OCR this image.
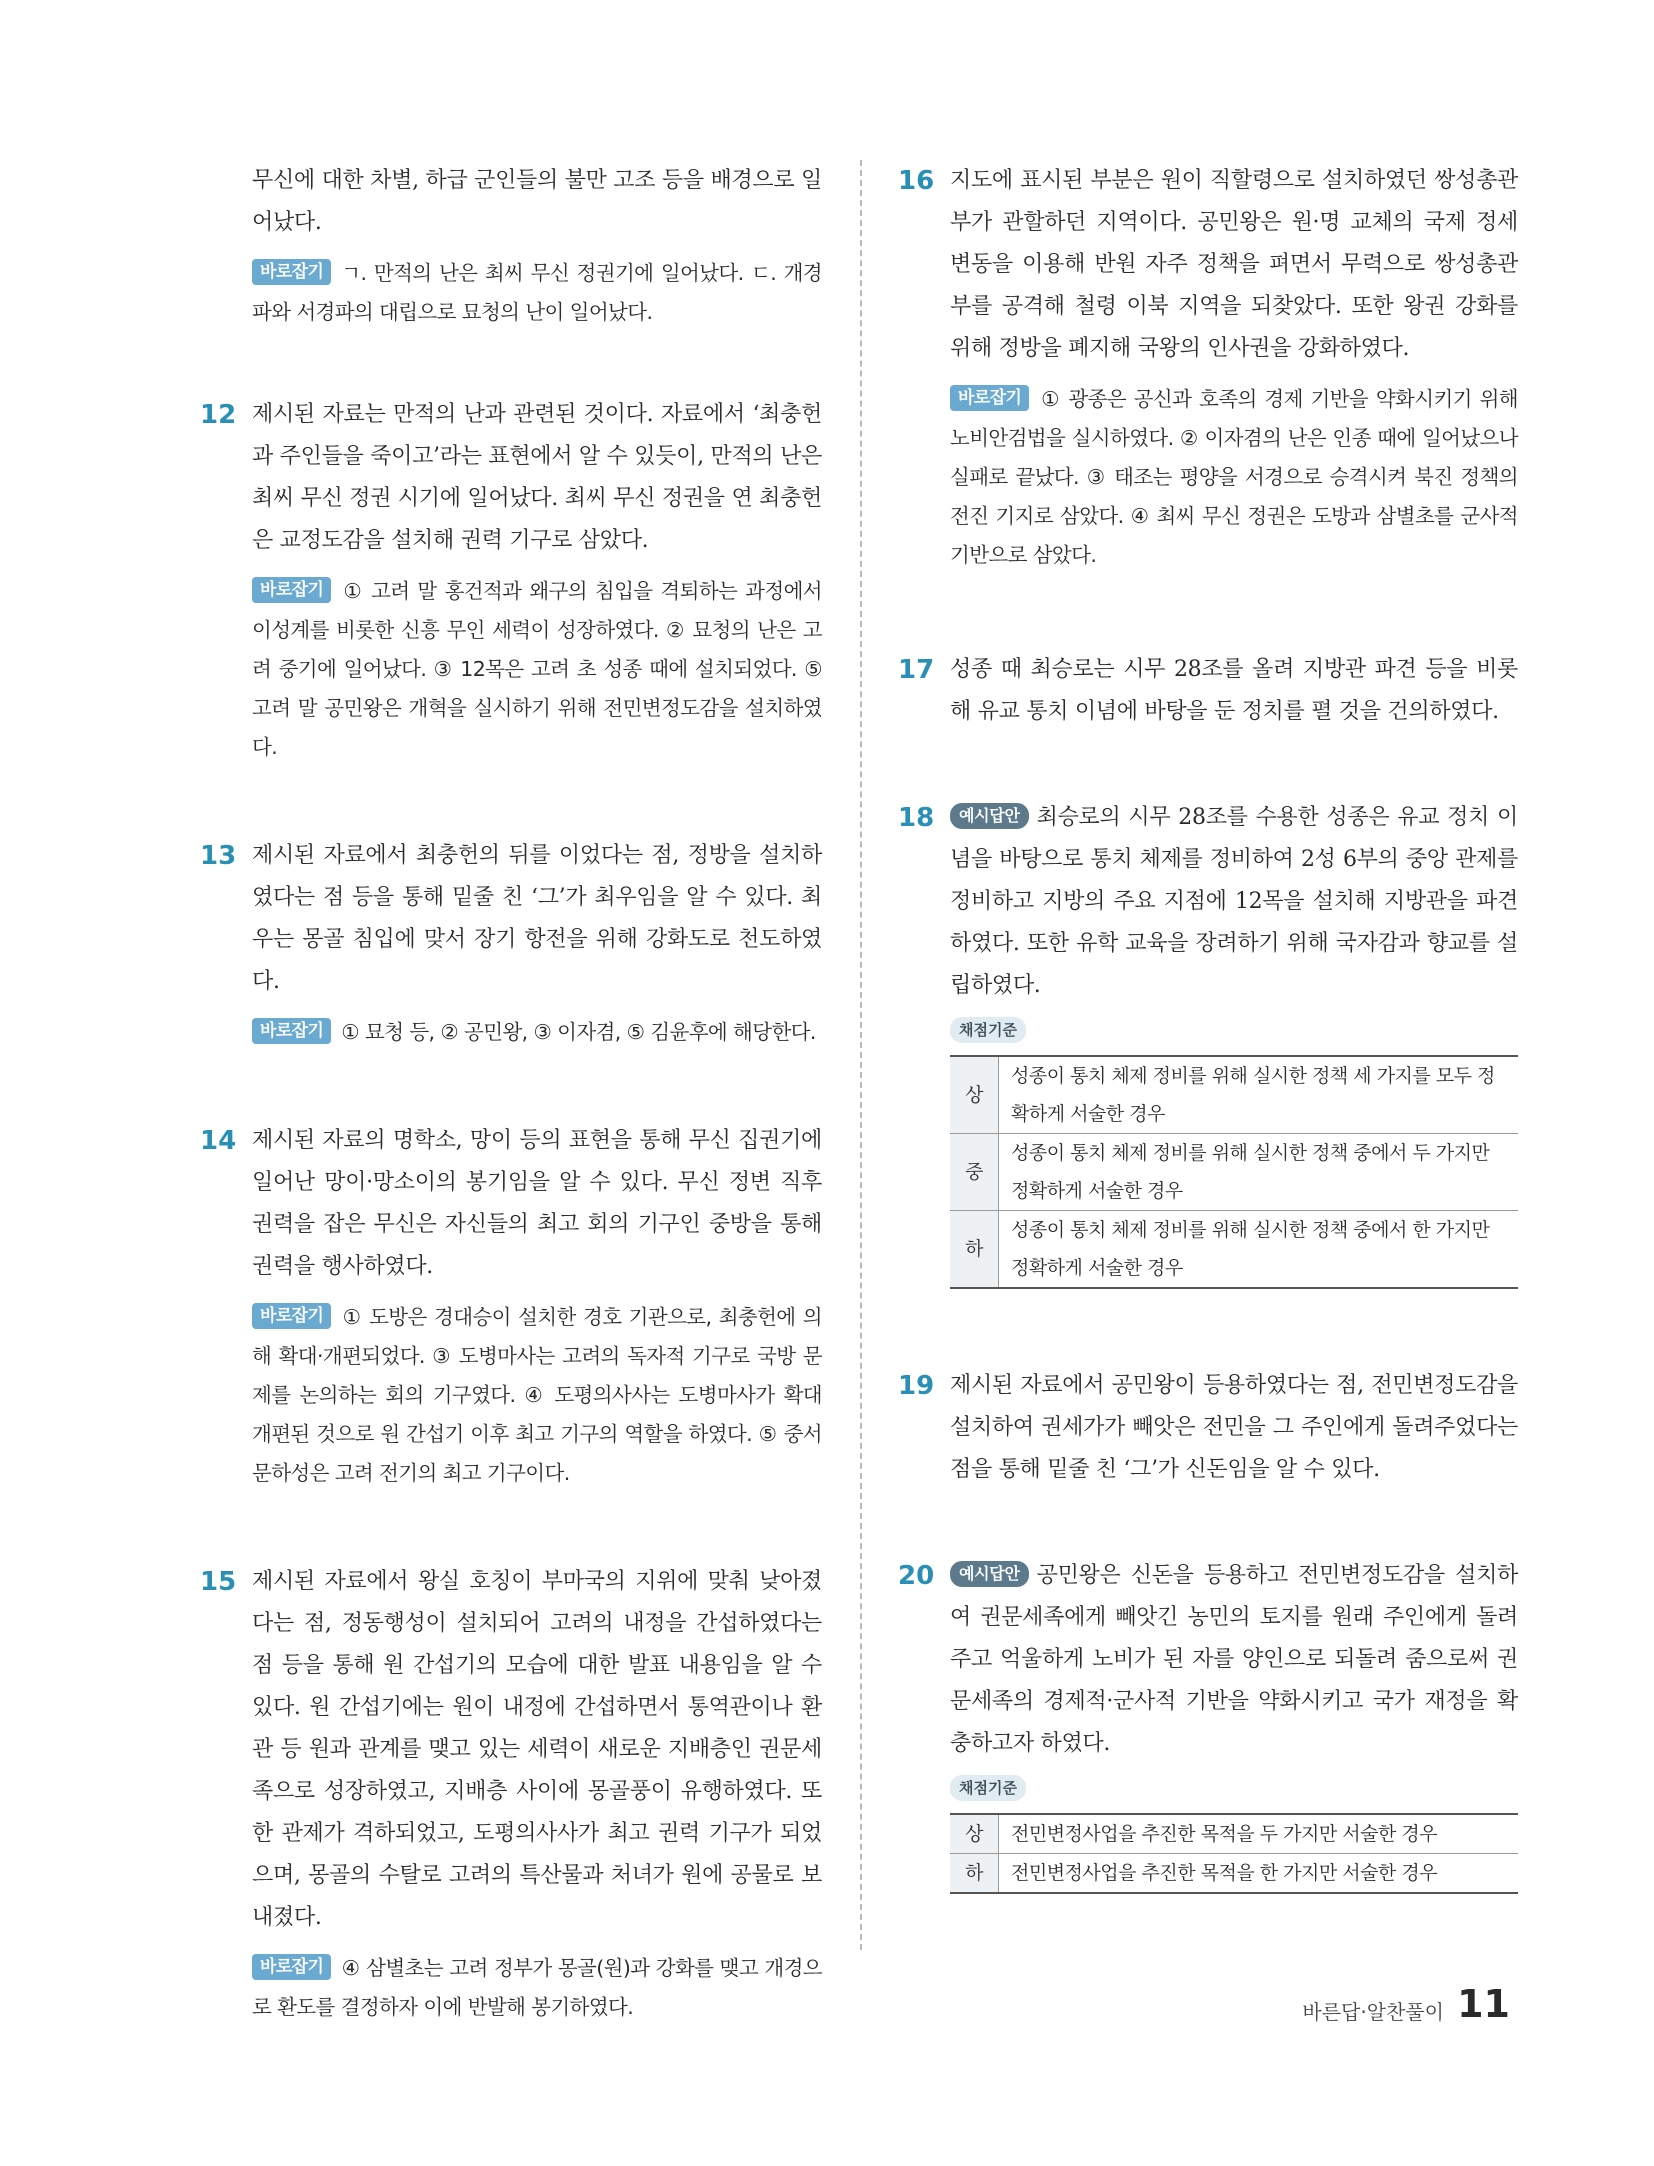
무신에 대한 차별, 하급 군인들의 불만 고조 등을 배경으로 일어났다.
바로잡기 ㄱ. 만적의 난은 최씨 무신 정권기에 일어났다. ㄷ. 개경파와 서경파의 대립으로 묘청의 난이 일어났다.
12 제시된 자료는 만적의 난과 관련된 것이다. 자료에서 ‘최충헌과 주인들을 죽이고’라는 표현에서 알 수 있듯이, 만적의 난은 최씨 무신 정권 시기에 일어났다. 최씨 무신 정권을 연 최충헌은 교정도감을 설치해 권력 기구로 삼았다.
바로잡기 ① 고려 말 홍건적과 왜구의 침입을 격퇴하는 과정에서 이성계를 비롯한 신흥 무인 세력이 성장하였다. ② 묘청의 난은 고려 중기에 일어났다. ③ 12목은 고려 초 성종 때에 설치되었다. ⑤ 고려 말 공민왕은 개혁을 실시하기 위해 전민변정도감을 설치하였다.
13 제시된 자료에서 최충헌의 뒤를 이었다는 점, 정방을 설치하였다는 점 등을 통해 밑줄 친 ‘그’가 최우임을 알 수 있다. 최우는 몽골 침입에 맞서 장기 항전을 위해 강화도로 천도하였다.
바로잡기 ① 묘청 등, ② 공민왕, ③ 이자겸, ⑤ 김윤후에 해당한다.
14 제시된 자료의 명학소, 망이 등의 표현을 통해 무신 집권기에 일어난 망이·망소이의 봉기임을 알 수 있다. 무신 정변 직후 권력을 잡은 무신은 자신들의 최고 회의 기구인 중방을 통해 권력을 행사하였다.
바로잡기 ① 도방은 경대승이 설치한 경호 기관으로, 최충헌에 의해 확대·개편되었다. ③ 도병마사는 고려의 독자적 기구로 국방 문제를 논의하는 회의 기구였다. ④ 도평의사사는 도병마사가 확대 개편된 것으로 원 간섭기 이후 최고 기구의 역할을 하였다. ⑤ 중서문하성은 고려 전기의 최고 기구이다.
15 제시된 자료에서 왕실 호칭이 부마국의 지위에 맞춰 낮아졌다는 점, 정동행성이 설치되어 고려의 내정을 간섭하였다는 점 등을 통해 원 간섭기의 모습에 대한 발표 내용임을 알 수 있다. 원 간섭기에는 원이 내정에 간섭하면서 통역관이나 환관 등 원과 관계를 맺고 있는 세력이 새로운 지배층인 권문세족으로 성장하였고, 지배층 사이에 몽골풍이 유행하였다. 또한 관제가 격하되었고, 도평의사사가 최고 권력 기구가 되었으며, 몽골의 수탈로 고려의 특산물과 처녀가 원에 공물로 보내졌다.
바로잡기 ④ 삼별초는 고려 정부가 몽골(원)과 강화를 맺고 개경으로 환도를 결정하자 이에 반발해 봉기하였다.
16 지도에 표시된 부분은 원이 직할령으로 설치하였던 쌍성총관부가 관할하던 지역이다. 공민왕은 원·명 교체의 국제 정세 변동을 이용해 반원 자주 정책을 펴면서 무력으로 쌍성총관부를 공격해 철령 이북 지역을 되찾았다. 또한 왕권 강화를 위해 정방을 폐지해 국왕의 인사권을 강화하였다.
바로잡기 ① 광종은 공신과 호족의 경제 기반을 약화시키기 위해 노비안검법을 실시하였다. ② 이자겸의 난은 인종 때에 일어났으나 실패로 끝났다. ③ 태조는 평양을 서경으로 승격시켜 북진 정책의 전진 기지로 삼았다. ④ 최씨 무신 정권은 도방과 삼별초를 군사적 기반으로 삼았다.
17 성종 때 최승로는 시무 28조를 올려 지방관 파견 등을 비롯해 유교 통치 이념에 바탕을 둔 정치를 펼 것을 건의하였다.
18	예시답안 최승로의 시무 28조를 수용한 성종은 유교 정치 이념을 바탕으로 통치 체제를 정비하여 2성 6부의 중앙 관제를 정비하고 지방의 주요 지점에 12목을 설치해 지방관을 파견하였다. 또한 유학 교육을 장려하기 위해 국자감과 향교를 설립하였다.
채점기준
상	성종이 통치 체제 정비를 위해 실시한 정책 세 가지를 모두 정확하게 서술한 경우
중	성종이 통치 체제 정비를 위해 실시한 정책 중에서 두 가지만 정확하게 서술한 경우
하	성종이 통치 체제 정비를 위해 실시한 정책 중에서 한 가지만 정확하게 서술한 경우
19 제시된 자료에서 공민왕이 등용하였다는 점, 전민변정도감을 설치하여 권세가가 빼앗은 전민을 그 주인에게 돌려주었다는 점을 통해 밑줄 친 ‘그’가 신돈임을 알 수 있다.
20	예시답안 공민왕은 신돈을 등용하고 전민변정도감을 설치하여 권문세족에게 빼앗긴 농민의 토지를 원래 주인에게 돌려주고 억울하게 노비가 된 자를 양인으로 되돌려 줌으로써 권문세족의 경제적·군사적 기반을 약화시키고 국가 재정을 확충하고자 하였다.
채점기준
상	전민변정사업을 추진한 목적을 두 가지만 서술한 경우
하	전민변정사업을 추진한 목적을 한 가지만 서술한 경우
바른답·알찬풀이 11
